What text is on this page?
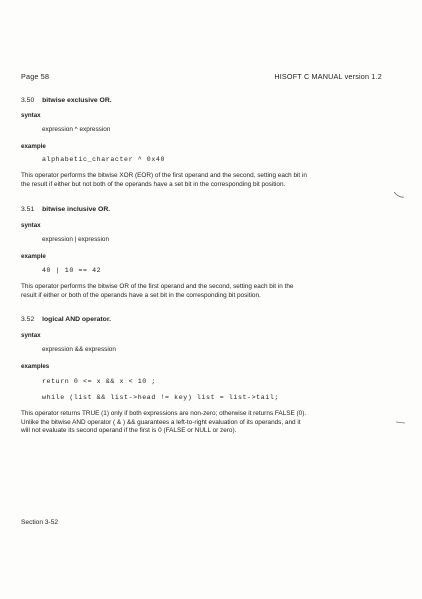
Page 58	HISOFT C MANUAL version 1.2
3.50 bitwise exclusive OR.
syntax
expression ^ expression
example
alphabetic_character ^ 0x40
This operator performs the bitwise XOR (EOR) of the first operand and the second, setting each bit in
the result if either but not both of the operands have a set bit in the corresponding bit position.
3.51 bitwise inclusive OR.
syntax
expression | expression
example
40 | 10 == 42
This operator performs the bitwise OR of the first operand and the second, setting each bit in the
result if either or both of the operands have a set bit in the corresponding bit position.
3.52 logical AND operator.
syntax
expression && expression
examples
return 0 <= x && x < 10 ;
while (list && list->head != key) list = list->tail;
This operator returns TRUE (1) only if both expressions are non-zero; otherwise it returns FALSE (0).
Unlike the bitwise AND operator ( & ) && guarantees a left-to-right evaluation of its operands, and it
will not evaluate its second operand if the first is 0 (FALSE or NULL or zero).
Section 3-52
